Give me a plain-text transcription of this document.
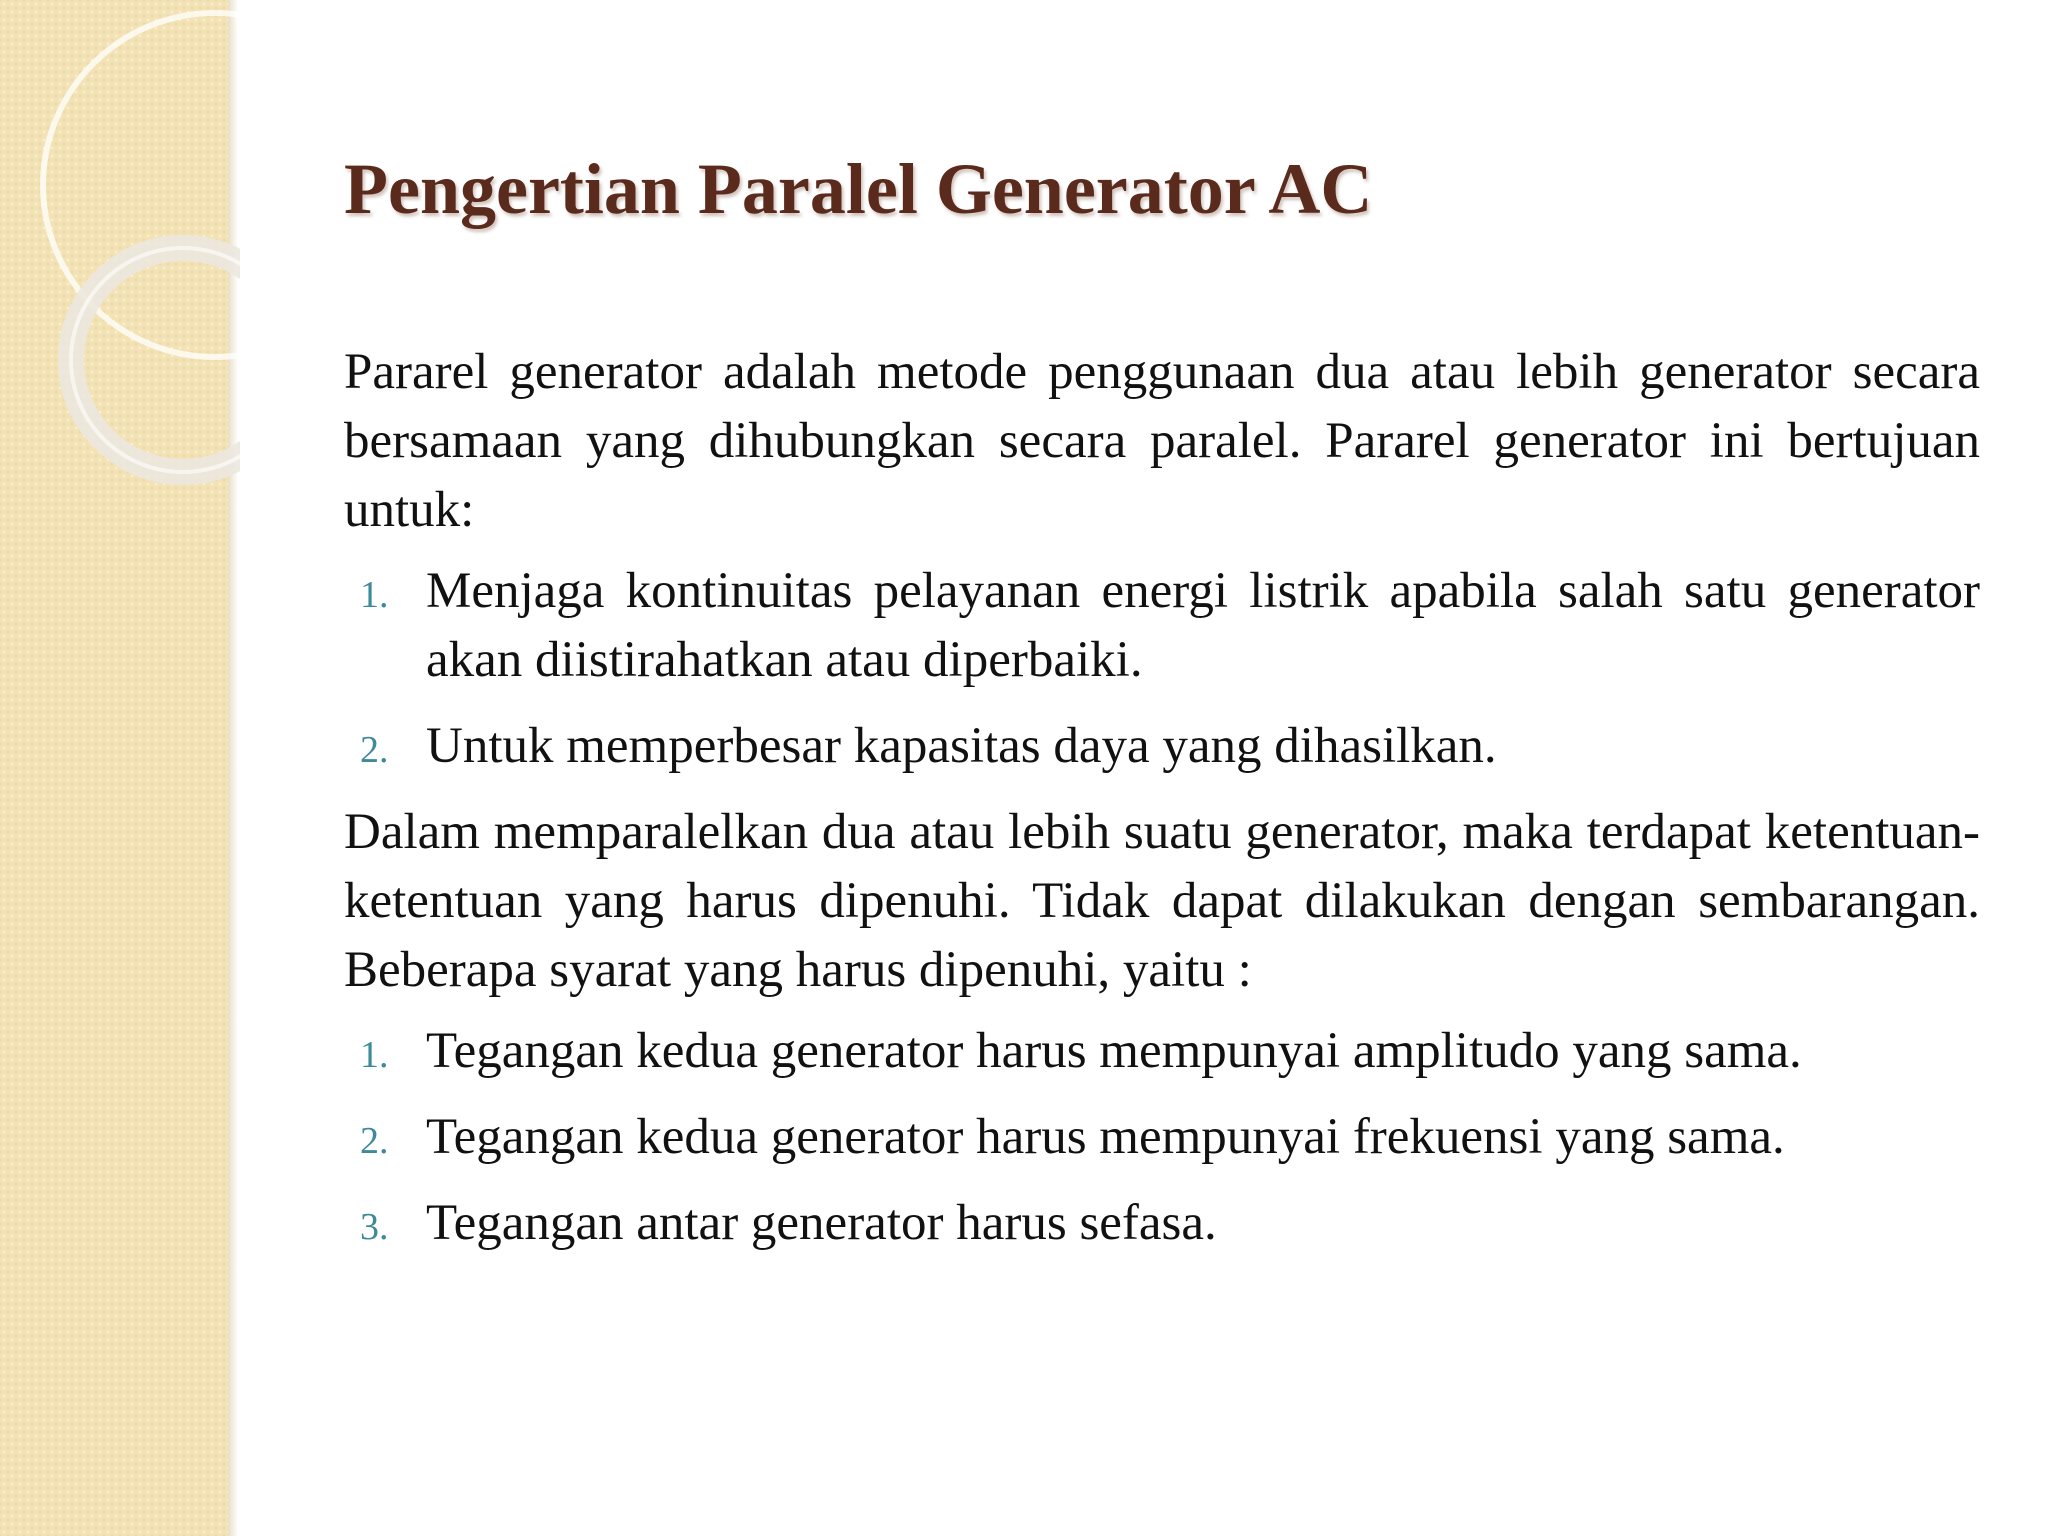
Pengertian Paralel Generator AC

Pararel generator adalah metode penggunaan dua atau lebih generator secara bersamaan yang dihubungkan secara paralel. Pararel generator ini bertujuan untuk:

1. Menjaga kontinuitas pelayanan energi listrik apabila salah satu generator akan diistirahatkan atau diperbaiki.
2. Untuk memperbesar kapasitas daya yang dihasilkan.

Dalam memparalelkan dua atau lebih suatu generator, maka terdapat ketentuan-ketentuan yang harus dipenuhi. Tidak dapat dilakukan dengan sembarangan. Beberapa syarat yang harus dipenuhi, yaitu :

1. Tegangan kedua generator harus mempunyai amplitudo yang sama.
2. Tegangan kedua generator harus mempunyai frekuensi yang sama.
3. Tegangan antar generator harus sefasa.
